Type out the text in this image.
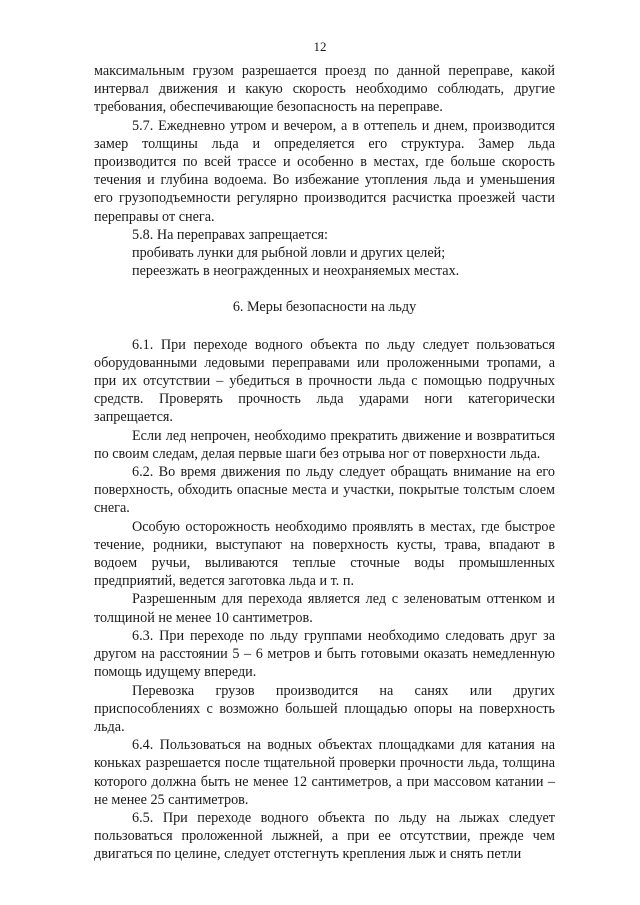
12

максимальным грузом разрешается проезд по данной переправе, какой интервал движения и какую скорость необходимо соблюдать, другие требования, обеспечивающие безопасность на переправе.

5.7. Ежедневно утром и вечером, а в оттепель и днем, производится замер толщины льда и определяется его структура. Замер льда производится по всей трассе и особенно в местах, где больше скорость течения и глубина водоема. Во избежание утопления льда и уменьшения его грузоподъемности регулярно производится расчистка проезжей части переправы от снега.

5.8. На переправах запрещается:

пробивать лунки для рыбной ловли и других целей;

переезжать в неогражденных и неохраняемых местах.

6. Меры безопасности на льду

6.1. При переходе водного объекта по льду следует пользоваться оборудованными ледовыми переправами или проложенными тропами, а при их отсутствии – убедиться в прочности льда с помощью подручных средств. Проверять прочность льда ударами ноги категорически запрещается.

Если лед непрочен, необходимо прекратить движение и возвратиться по своим следам, делая первые шаги без отрыва ног от поверхности льда.

6.2. Во время движения по льду следует обращать внимание на его поверхность, обходить опасные места и участки, покрытые толстым слоем снега.

Особую осторожность необходимо проявлять в местах, где быстрое течение, родники, выступают на поверхность кусты, трава, впадают в водоем ручьи, выливаются теплые сточные воды промышленных предприятий, ведется заготовка льда и т. п.

Разрешенным для перехода является лед с зеленоватым оттенком и толщиной не менее 10 сантиметров.

6.3. При переходе по льду группами необходимо следовать друг за другом на расстоянии 5 – 6 метров и быть готовыми оказать немедленную помощь идущему впереди.

Перевозка грузов производится на санях или других приспособлениях с возможно большей площадью опоры на поверхность льда.

6.4. Пользоваться на водных объектах площадками для катания на коньках разрешается после тщательной проверки прочности льда, толщина которого должна быть не менее 12 сантиметров, а при массовом катании – не менее 25 сантиметров.

6.5. При переходе водного объекта по льду на лыжах следует пользоваться проложенной лыжней, а при ее отсутствии, прежде чем двигаться по целине, следует отстегнуть крепления лыж и снять петли
